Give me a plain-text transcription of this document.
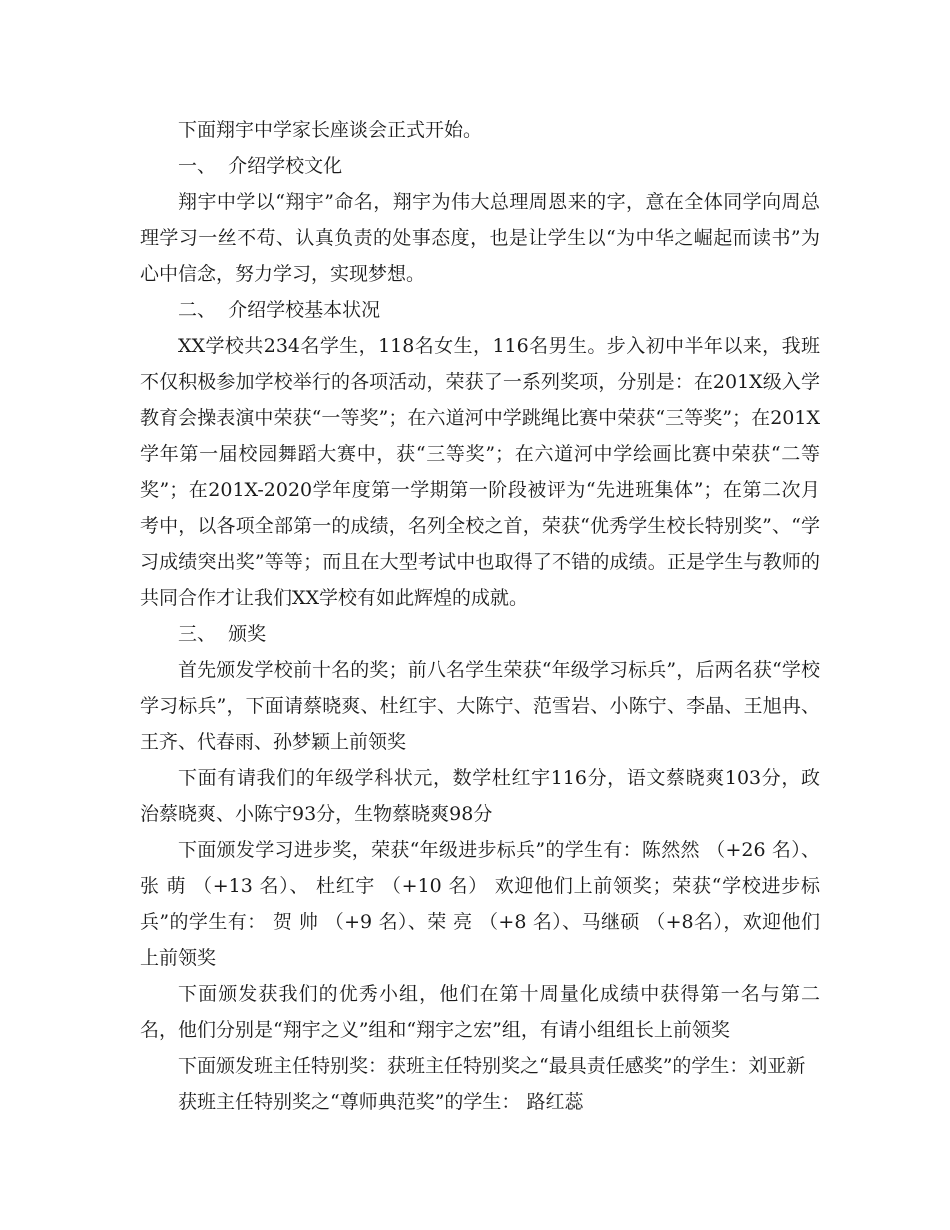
下面翔宇中学家长座谈会正式开始。

一、  介绍学校文化

翔宇中学以“翔宇”命名，翔宇为伟大总理周恩来的字，意在全体同学向周总理学习一丝不苟、认真负责的处事态度，也是让学生以“为中华之崛起而读书”为心中信念，努力学习，实现梦想。

二、  介绍学校基本状况

XX学校共234名学生，118名女生，116名男生。步入初中半年以来，我班不仅积极参加学校举行的各项活动，荣获了一系列奖项，分别是：在201X级入学教育会操表演中荣获“一等奖”；在六道河中学跳绳比赛中荣获“三等奖”；在201X学年第一届校园舞蹈大赛中，获“三等奖”；在六道河中学绘画比赛中荣获“二等奖”；在201X-2020学年度第一学期第一阶段被评为“先进班集体”；在第二次月考中，以各项全部第一的成绩，名列全校之首，荣获“优秀学生校长特别奖”、“学习成绩突出奖”等等；而且在大型考试中也取得了不错的成绩。正是学生与教师的共同合作才让我们XX学校有如此辉煌的成就。

三、  颁奖

首先颁发学校前十名的奖；前八名学生荣获“年级学习标兵”，后两名获“学校学习标兵”，下面请蔡晓爽、杜红宇、大陈宁、范雪岩、小陈宁、李晶、王旭冉、王齐、代春雨、孙梦颖上前领奖

下面有请我们的年级学科状元，数学杜红宇116分，语文蔡晓爽103分，政治蔡晓爽、小陈宁93分，生物蔡晓爽98分

下面颁发学习进步奖，荣获“年级进步标兵”的学生有：陈然然 （+26 名）、张 萌 （+13 名）、 杜红宇 （+10 名） 欢迎他们上前领奖；荣获“学校进步标兵”的学生有： 贺 帅 （+9 名）、荣 亮 （+8 名）、马继硕 （+8名），欢迎他们上前领奖

下面颁发获我们的优秀小组，他们在第十周量化成绩中获得第一名与第二名，他们分别是“翔宇之义”组和“翔宇之宏”组，有请小组组长上前领奖

下面颁发班主任特别奖：获班主任特别奖之“最具责任感奖”的学生：刘亚新

获班主任特别奖之“尊师典范奖”的学生： 路红蕊
